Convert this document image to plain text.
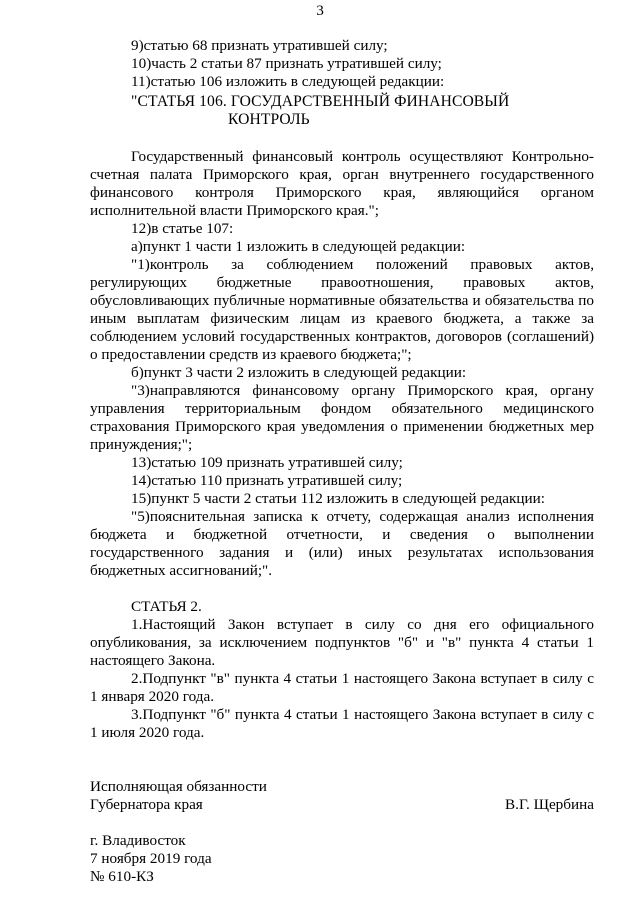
3
9)статью 68 признать утратившей силу;
10)часть 2 статьи 87 признать утратившей силу;
11)статью 106 изложить в следующей редакции:
"СТАТЬЯ 106. ГОСУДАРСТВЕННЫЙ ФИНАНСОВЫЙ
КОНТРОЛЬ
Государственный финансовый контроль осуществляют Контрольно-
счетная палата Приморского края, орган внутреннего государственного
финансового контроля Приморского края, являющийся органом
исполнительной власти Приморского края.";
12)в статье 107:
а)пункт 1 части 1 изложить в следующей редакции:
"1)контроль за соблюдением положений правовых актов,
регулирующих бюджетные правоотношения, правовых актов,
обусловливающих публичные нормативные обязательства и обязательства по
иным выплатам физическим лицам из краевого бюджета, а также за
соблюдением условий государственных контрактов, договоров (соглашений)
о предоставлении средств из краевого бюджета;";
б)пункт 3 части 2 изложить в следующей редакции:
"3)направляются финансовому органу Приморского края, органу
управления территориальным фондом обязательного медицинского
страхования Приморского края уведомления о применении бюджетных мер
принуждения;";
13)статью 109 признать утратившей силу;
14)статью 110 признать утратившей силу;
15)пункт 5 части 2 статьи 112 изложить в следующей редакции:
"5)пояснительная записка к отчету, содержащая анализ исполнения
бюджета и бюджетной отчетности, и сведения о выполнении
государственного задания и (или) иных результатах использования
бюджетных ассигнований;".
СТАТЬЯ 2.
1.Настоящий Закон вступает в силу со дня его официального
опубликования, за исключением подпунктов "б" и "в" пункта 4 статьи 1
настоящего Закона.
2.Подпункт "в" пункта 4 статьи 1 настоящего Закона вступает в силу с
1 января 2020 года.
3.Подпункт "б" пункта 4 статьи 1 настоящего Закона вступает в силу с
1 июля 2020 года.
Исполняющая обязанности
Губернатора края	В.Г. Щербина
г. Владивосток
7 ноября 2019 года
№ 610-КЗ
